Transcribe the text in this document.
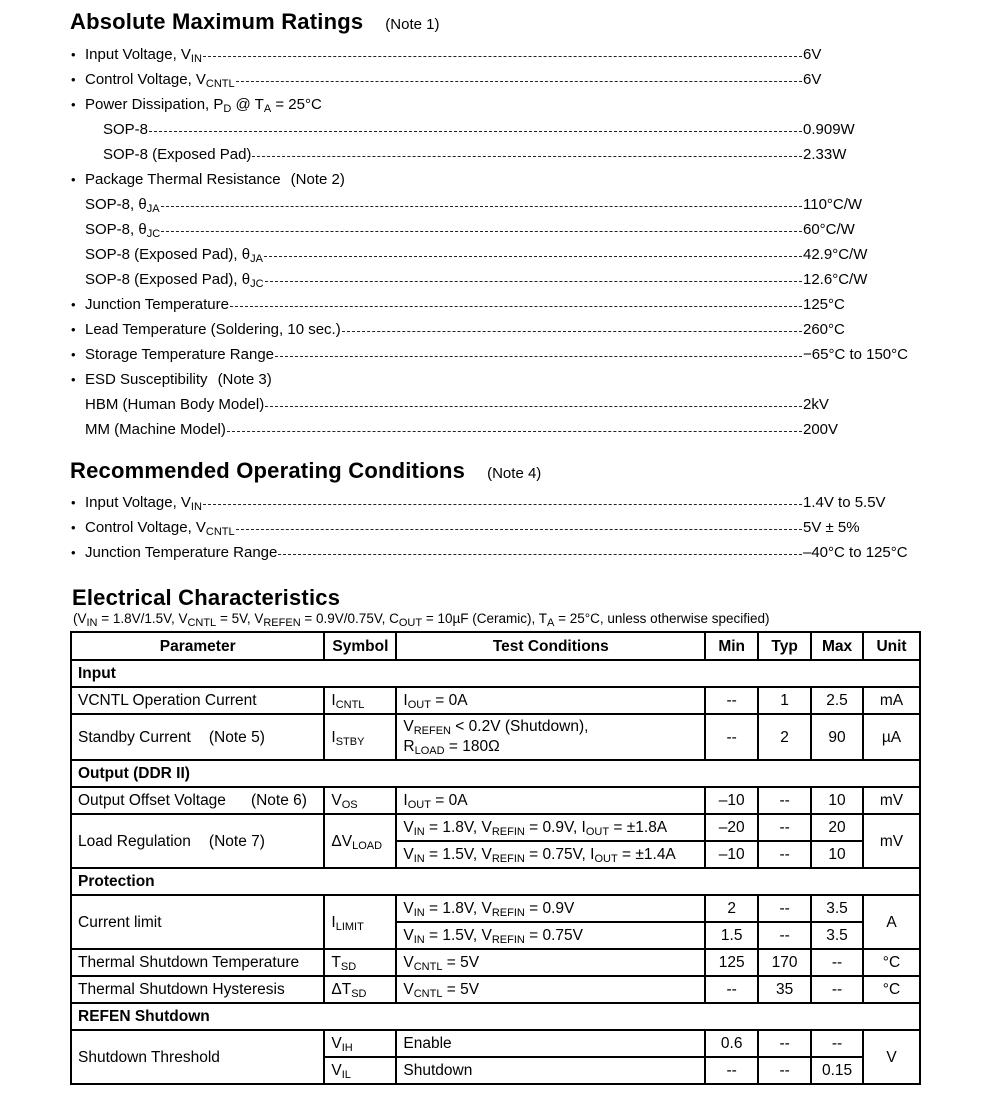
Absolute Maximum Ratings (Note 1)
• Input Voltage, $V_{IN}$	6V
• Control Voltage, $V_{CNTL}$	6V
• Power Dissipation, $P_D$ @ $T_A = 25^\circ C$
SOP-8	0.909W
SOP-8 (Exposed Pad)	2.33W
• Package Thermal Resistance (Note 2)
SOP-8, $\theta_{JA}$	110°C/W
SOP-8, $\theta_{JC}$	60°C/W
SOP-8 (Exposed Pad), $\theta_{JA}$	42.9°C/W
SOP-8 (Exposed Pad), $\theta_{JC}$	12.6°C/W
• Junction Temperature	125°C
• Lead Temperature (Soldering, 10 sec.)	260°C
• Storage Temperature Range	−65°C to 150°C
• ESD Susceptibility (Note 3)
HBM (Human Body Model)	2kV
MM (Machine Model)	200V
Recommended Operating Conditions (Note 4)
• Input Voltage, $V_{IN}$	1.4V to 5.5V
• Control Voltage, $V_{CNTL}$	5V ± 5%
• Junction Temperature Range	–40°C to 125°C
Electrical Characteristics
($V_{IN} = 1.8V/1.5V$, $V_{CNTL} = 5V$, $V_{REFEN} = 0.9V/0.75V$, $C_{OUT} = 10\mu F$ (Ceramic), $T_A = 25^\circ C$, unless otherwise specified)
Parameter	Symbol	Test Conditions	Min	Typ	Max	Unit
Input						
VCNTL Operation Current	$I_{CNTL}$	$I_{OUT} = 0A$	--	1	2.5	mA
Standby Current (Note 5)	$I_{STBY}$	$V_{REFEN} < 0.2V$ (Shutdown),
$R_{LOAD} = 180\Omega$	--	2	90	µA
Output (DDR II)						
Output Offset Voltage (Note 6)	$V_{OS}$	$I_{OUT} = 0A$	–10	--	10	mV
Load Regulation (Note 7)	$\Delta V_{LOAD}$	$V_{IN} = 1.8V$, $V_{REFIN} = 0.9V$, $I_{OUT} = \pm 1.8A$	–20	--	20	mV
		$V_{IN} = 1.5V$, $V_{REFIN} = 0.75V$, $I_{OUT} = \pm 1.4A$	–10	--	10	
Protection						
Current limit	$I_{LIMIT}$	$V_{IN} = 1.8V$, $V_{REFIN} = 0.9V$	2	--	3.5	A
		$V_{IN} = 1.5V$, $V_{REFIN} = 0.75V$	1.5	--	3.5	
Thermal Shutdown Temperature	$T_{SD}$	$V_{CNTL} = 5V$	125	170	--	°C
Thermal Shutdown Hysteresis	$\Delta T_{SD}$	$V_{CNTL} = 5V$	--	35	--	°C
REFEN Shutdown						
Shutdown Threshold	$V_{IH}$	Enable	0.6	--	--	V
	$V_{IL}$	Shutdown	--	--	0.15	
